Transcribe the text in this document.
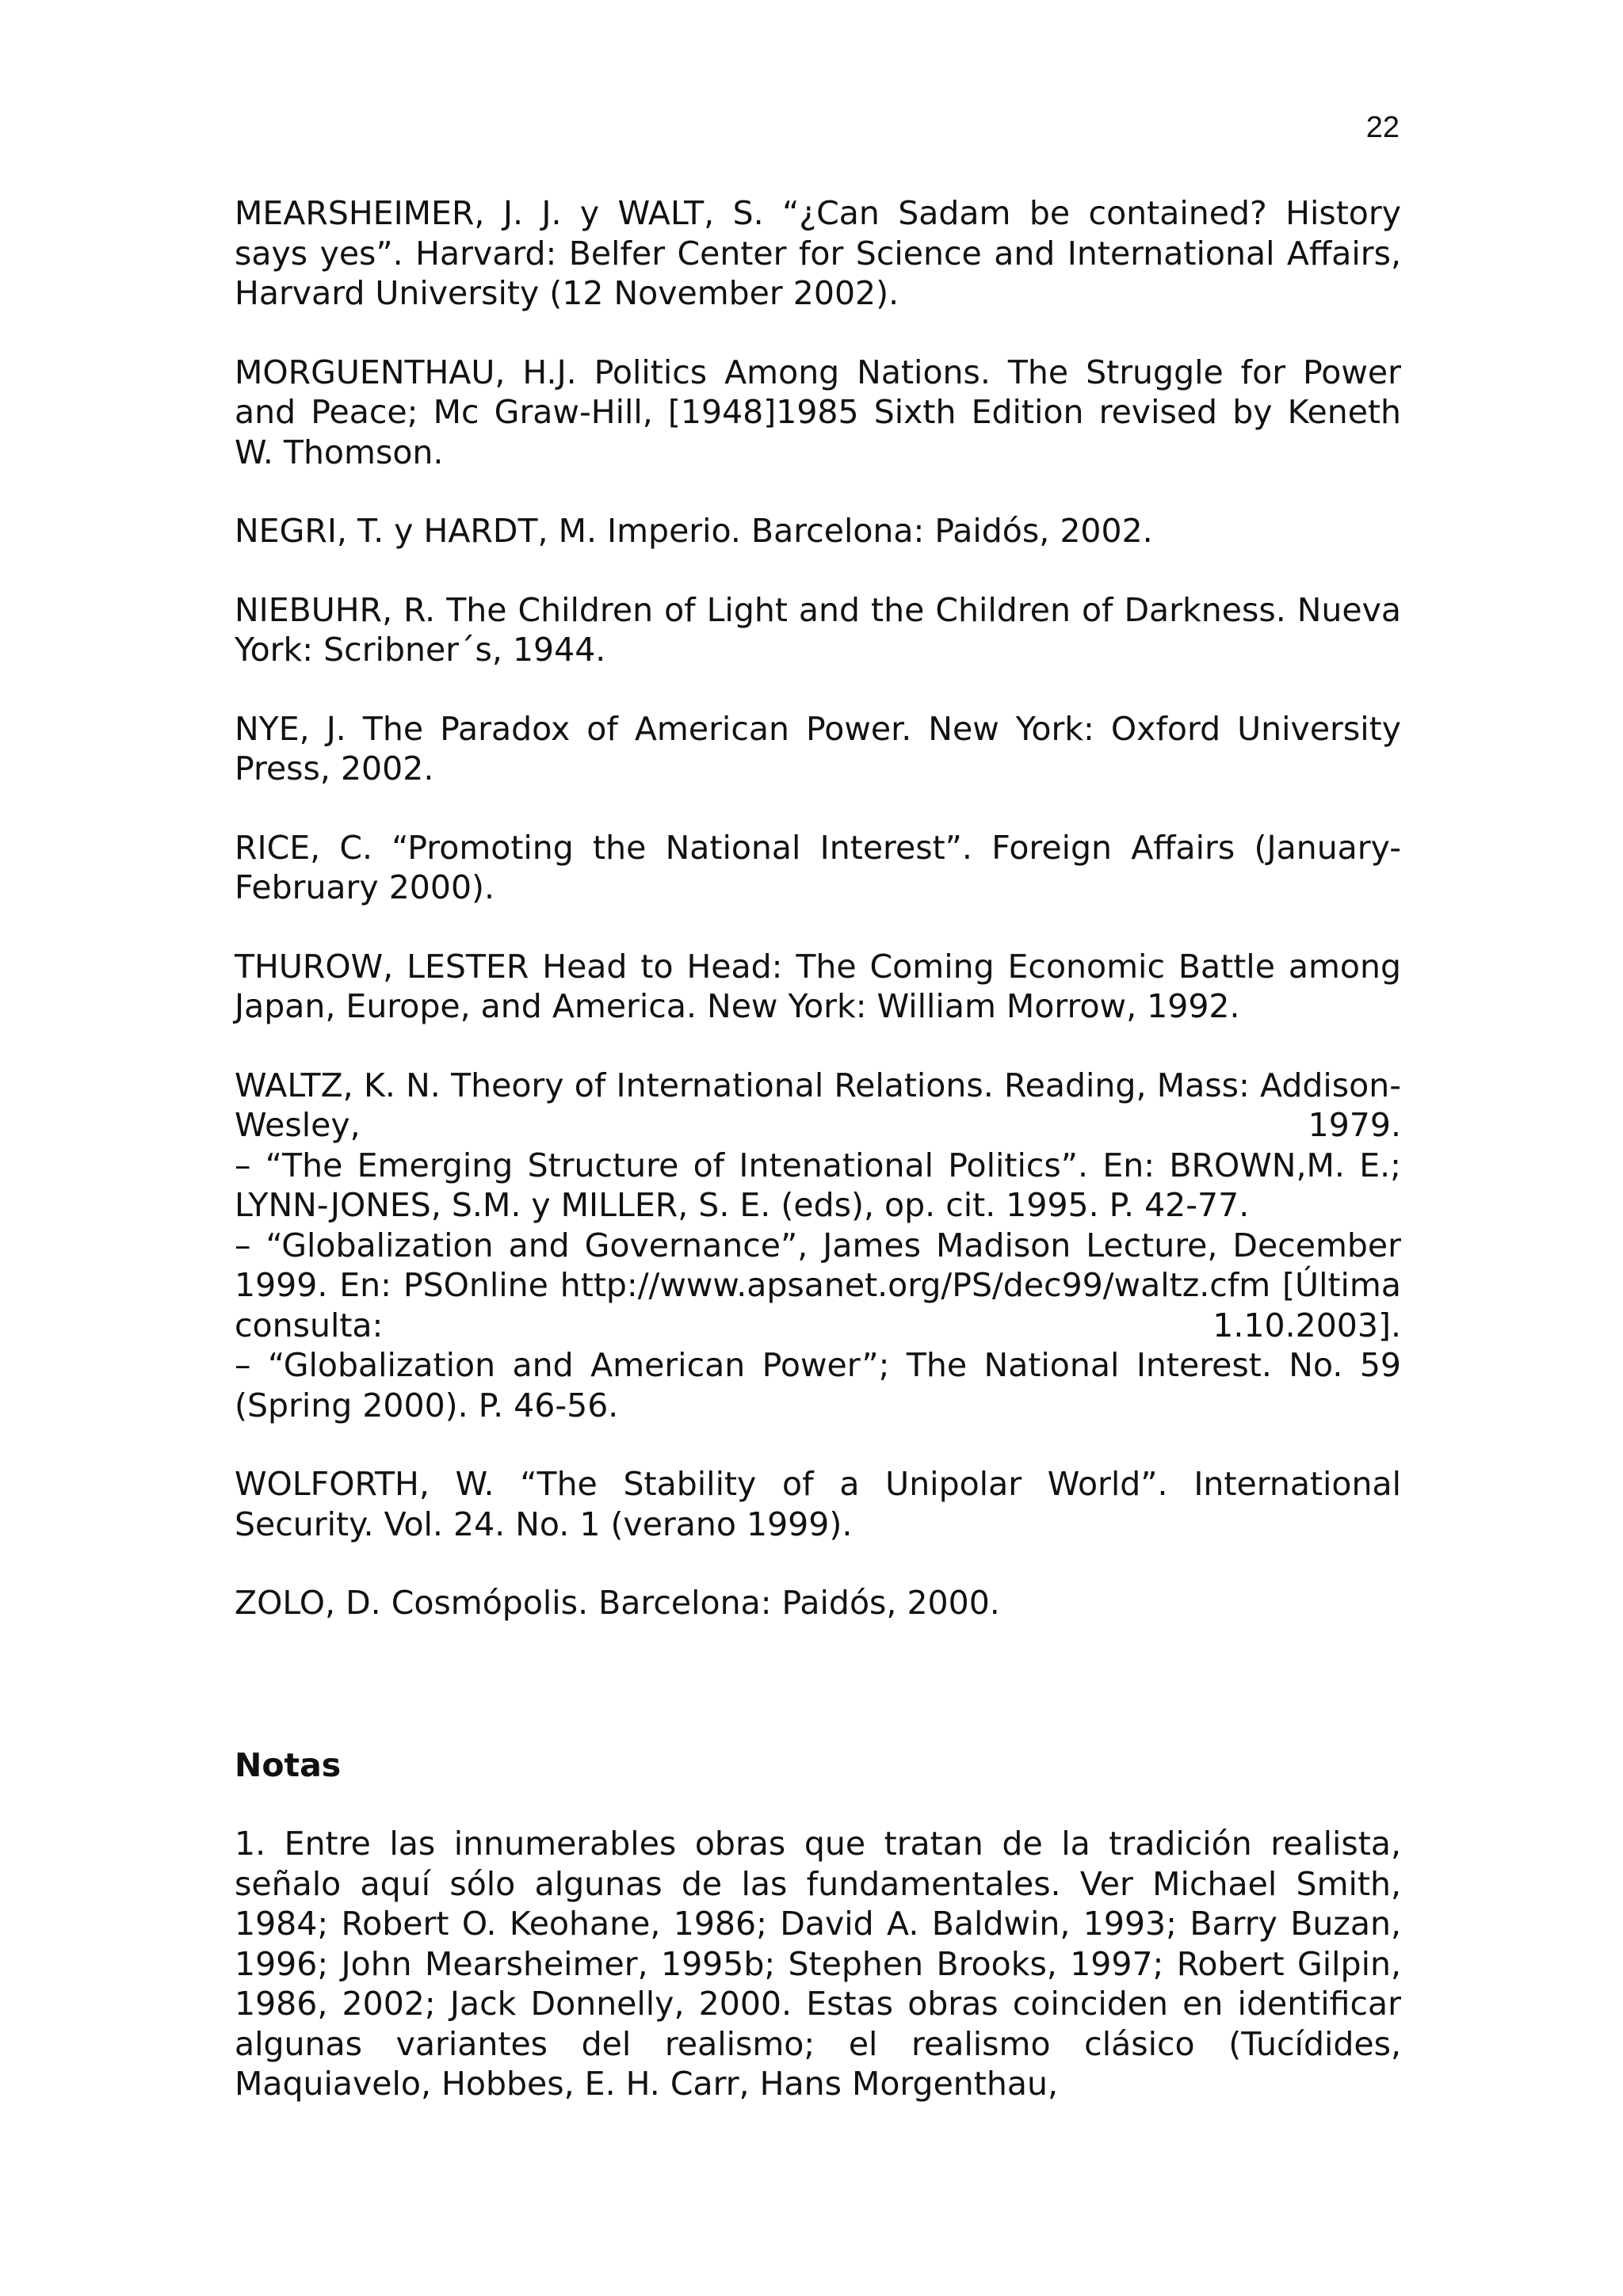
22

MEARSHEIMER, J. J. y WALT, S. “¿Can Sadam be contained? History says yes”. Harvard: Belfer Center for Science and International Affairs, Harvard University (12 November 2002).

MORGUENTHAU, H.J. Politics Among Nations. The Struggle for Power and Peace; Mc Graw-Hill, [1948]1985 Sixth Edition revised by Keneth W. Thomson.

NEGRI, T. y HARDT, M. Imperio. Barcelona: Paidós, 2002.

NIEBUHR, R. The Children of Light and the Children of Darkness. Nueva York: Scribner´s, 1944.

NYE, J. The Paradox of American Power. New York: Oxford University Press, 2002.

RICE, C. “Promoting the National Interest”. Foreign Affairs (January-February 2000).

THUROW, LESTER Head to Head: The Coming Economic Battle among Japan, Europe, and America. New York: William Morrow, 1992.

WALTZ, K. N. Theory of International Relations. Reading, Mass: Addison-Wesley, 1979.

– “The Emerging Structure of Intenational Politics”. En: BROWN,M. E.; LYNN-JONES, S.M. y MILLER, S. E. (eds), op. cit. 1995. P. 42-77.

– “Globalization and Governance”, James Madison Lecture, December 1999. En: PSOnline http://www.apsanet.org/PS/dec99/waltz.cfm [Última consulta: 1.10.2003].

– “Globalization and American Power”; The National Interest. No. 59 (Spring 2000). P. 46-56.

WOLFORTH, W. “The Stability of a Unipolar World”. International Security. Vol. 24. No. 1 (verano 1999).

ZOLO, D. Cosmópolis. Barcelona: Paidós, 2000.

Notas

1. Entre las innumerables obras que tratan de la tradición realista, señalo aquí sólo algunas de las fundamentales. Ver Michael Smith, 1984; Robert O. Keohane, 1986; David A. Baldwin, 1993; Barry Buzan, 1996; John Mearsheimer, 1995b; Stephen Brooks, 1997; Robert Gilpin, 1986, 2002; Jack Donnelly, 2000. Estas obras coinciden en identificar algunas variantes del realismo; el realismo clásico (Tucídides, Maquiavelo, Hobbes, E. H. Carr, Hans Morgenthau,
